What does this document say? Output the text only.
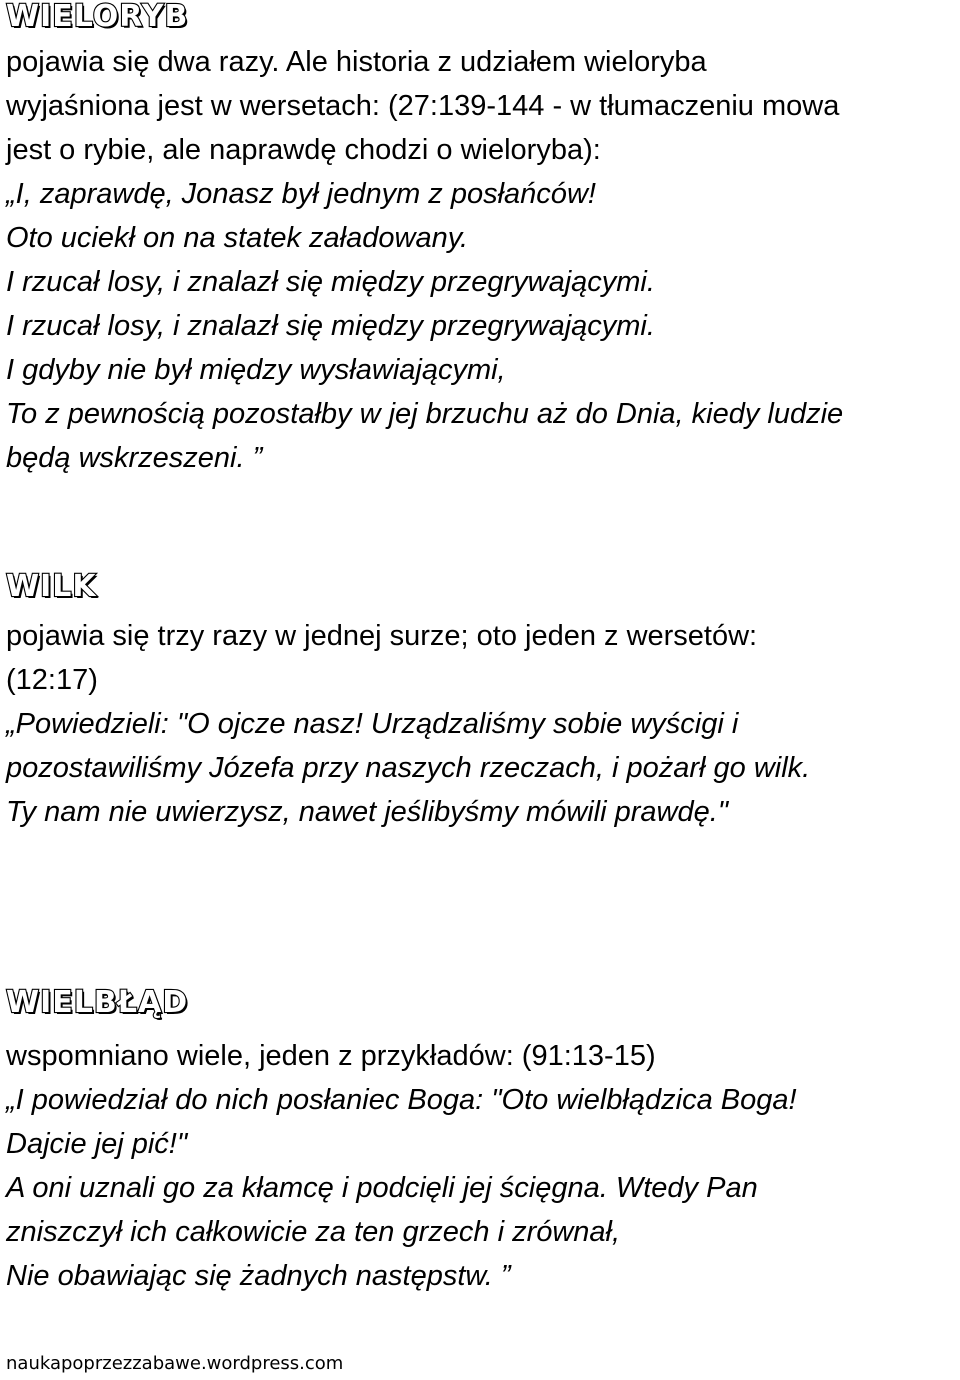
WIELORYB
pojawia się dwa razy. Ale historia z udziałem wieloryba
wyjaśniona jest w wersetach: (27:139-144 - w tłumaczeniu mowa
jest o rybie, ale naprawdę chodzi o wieloryba):
„I, zaprawdę, Jonasz był jednym z posłańców!
Oto uciekł on na statek załadowany.
I rzucał losy, i znalazł się między przegrywającymi.
I rzucał losy, i znalazł się między przegrywającymi.
I gdyby nie był między wysławiającymi,
To z pewnością pozostałby w jej brzuchu aż do Dnia, kiedy ludzie
będą wskrzeszeni. ”
WILK
pojawia się trzy razy w jednej surze; oto jeden z wersetów:
(12:17)
„Powiedzieli: "O ojcze nasz! Urządzaliśmy sobie wyścigi i
pozostawiliśmy Józefa przy naszych rzeczach, i pożarł go wilk.
Ty nam nie uwierzysz, nawet jeślibyśmy mówili prawdę."
WIELBŁĄD
wspomniano wiele, jeden z przykładów: (91:13-15)
„I powiedział do nich posłaniec Boga: "Oto wielbłądzica Boga!
Dajcie jej pić!"
A oni uznali go za kłamcę i podcięli jej ścięgna. Wtedy Pan
zniszczył ich całkowicie za ten grzech i zrównał,
Nie obawiając się żadnych następstw. ”
naukapoprzezzabawe.wordpress.com
